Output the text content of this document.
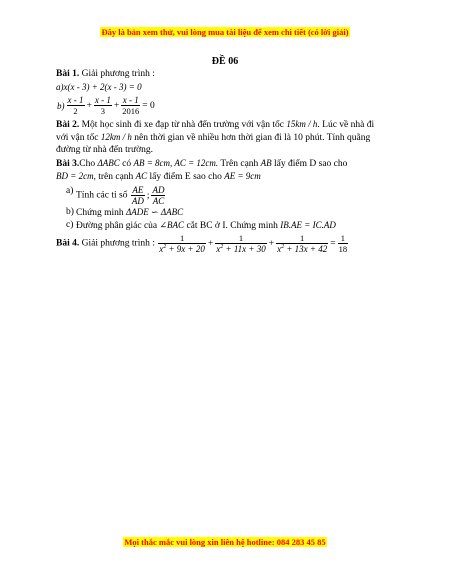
Đây là bản xem thử, vui lòng mua tài liệu để xem chi tiết (có lời giải)
ĐỀ 06
Bài 1. Giải phương trình :
a)x(x - 3) + 2(x - 3) = 0
$b) \frac{x - 1}{2} + \frac{x - 1}{3} + \frac{x - 1}{2016} = 0$
Bài 2. Một học sinh đi xe đạp từ nhà đến trường với vận tốc 15km / h. Lúc về nhà đi
với vận tốc 12km / h nên thời gian về nhiều hơn thời gian đi là 10 phút. Tính quãng
đường từ nhà đến trường.
Bài 3.Cho ΔABC có AB = 8cm, AC = 12cm. Trên cạnh AB lấy điểm D sao cho
BD = 2cm, trên cạnh AC lấy điểm E sao cho AE = 9cm
a) Tính các tỉ số $\frac{AE}{AD}$ ; $\frac{AD}{AC}$
b) Chứng minh ΔADE ∽ ΔABC
c) Đường phân giác của ∠BAC cắt BC ở I. Chứng minh IB.AE = IC.AD
Bài 4. Giải phương trình : $\frac{1}{x^2 + 9x + 20} + \frac{1}{x^2 + 11x + 30} + \frac{1}{x^2 + 13x + 42} = \frac{1}{18}$
Mọi thắc mắc vui lòng xin liên hệ hotline: 084 283 45 85
